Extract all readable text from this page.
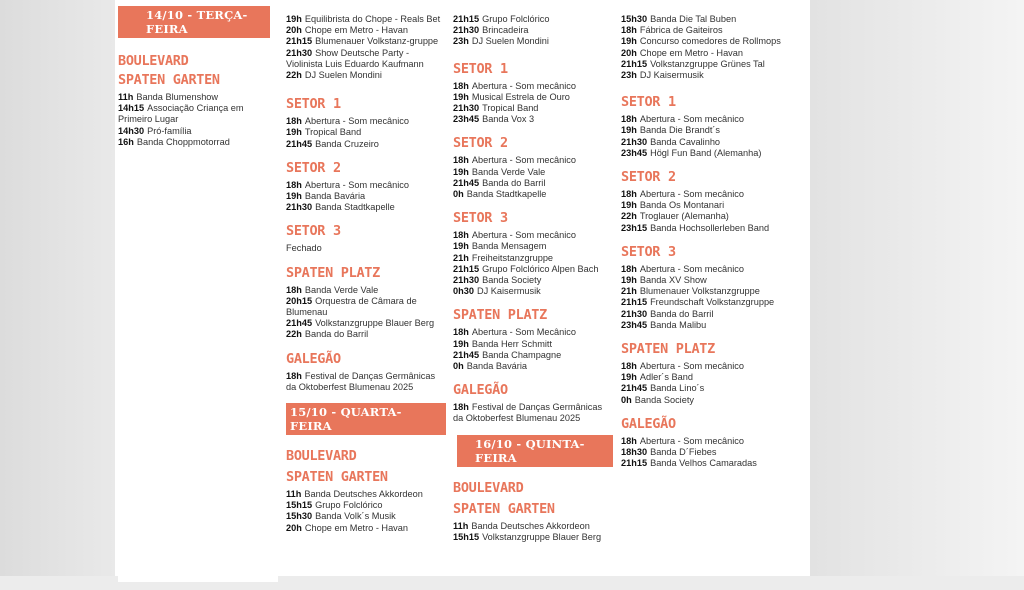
14/10 - TERÇA-FEIRA
BOULEVARD
SPATEN GARTEN

11h Banda Blumenshow

14h15 Associação Criança em Primeiro Lugar

14h30 Pró-família

16h Banda Choppmotorrad

19h Equilibrista do Chope - Reals Bet

20h Chope em Metro - Havan

21h15 Blumenauer Volkstanz-gruppe

21h30 Show Deutsche Party - Violinista Luis Eduardo Kaufmann

22h DJ Suelen Mondini

SETOR 1

18h Abertura - Som mecânico

19h Tropical Band

21h45 Banda Cruzeiro

SETOR 2

18h Abertura - Som mecânico

19h Banda Bavária

21h30 Banda Stadtkapelle

SETOR 3

Fechado

SPATEN PLATZ

18h Banda Verde Vale

20h15 Orquestra de Câmara de Blumenau

21h45 Volkstanzgruppe Blauer Berg

22h Banda do Barril

GALEGÃO

18h Festival de Danças Germânicas da Oktoberfest Blumenau 2025

15/10 - QUARTA-FEIRA
BOULEVARD
SPATEN GARTEN

11h Banda Deutsches Akkordeon

15h15 Grupo Folclórico

15h30 Banda Volk´s Musik

20h Chope em Metro - Havan

21h15 Grupo Folclórico

21h30 Brincadeira

23h DJ Suelen Mondini

SETOR 1

18h Abertura - Som mecânico

19h Musical Estrela de Ouro

21h30 Tropical Band

23h45 Banda Vox 3

SETOR 2

18h Abertura - Som mecânico

19h Banda Verde Vale

21h45 Banda do Barril

0h Banda Stadtkapelle

SETOR 3

18h Abertura - Som mecânico

19h Banda Mensagem

21h Freiheitstanzgruppe

21h15 Grupo Folclórico Alpen Bach

21h30 Banda Society

0h30 DJ Kaisermusik

SPATEN PLATZ

18h Abertura - Som Mecânico

19h Banda Herr Schmitt

21h45 Banda Champagne

0h Banda Bavária

GALEGÃO

18h Festival de Danças Germânicas da Oktoberfest Blumenau 2025

16/10 - QUINTA-FEIRA
BOULEVARD
SPATEN GARTEN

11h Banda Deutsches Akkordeon

15h15 Volkstanzgruppe Blauer Berg

15h30 Banda Die Tal Buben

18h Fábrica de Gaiteiros

19h Concurso comedores de Rollmops

20h Chope em Metro - Havan

21h15 Volkstanzgruppe Grünes Tal

23h DJ Kaisermusik

SETOR 1

18h Abertura - Som mecânico

19h Banda Die Brandt´s

21h30 Banda Cavalinho

23h45 Högl Fun Band (Alemanha)

SETOR 2

18h Abertura - Som mecânico

19h Banda Os Montanari

22h Troglauer (Alemanha)

23h15 Banda Hochsollerleben Band

SETOR 3

18h Abertura - Som mecânico

19h Banda XV Show

21h Blumenauer Volkstanzgruppe

21h15 Freundschaft Volkstanzgruppe

21h30 Banda do Barril

23h45 Banda Malibu

SPATEN PLATZ

18h Abertura - Som mecânico

19h Adler´s Band

21h45 Banda Lino´s

0h Banda Society

GALEGÃO

18h Abertura - Som mecânico

18h30 Banda D´Fiebes

21h15 Banda Velhos Camaradas
